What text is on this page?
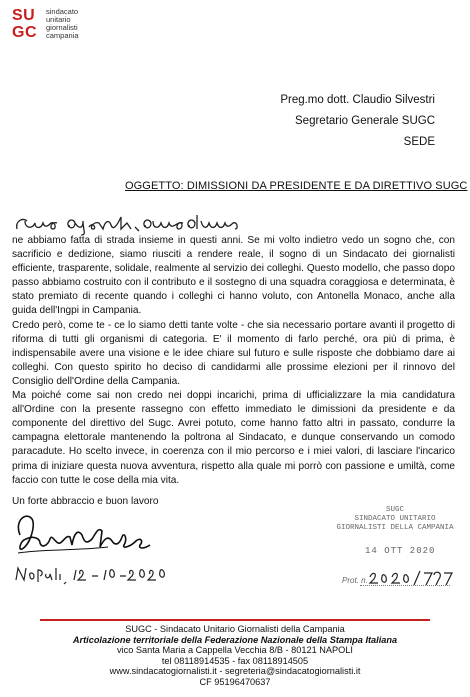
SU
GC
sindacato
unitario
giornalisti
campania
Preg.mo dott. Claudio Silvestri
Segretario Generale SUGC
SEDE
OGGETTO: DIMISSIONI DA PRESIDENTE E DA DIRETTIVO SUGC

ne abbiamo fatta di strada insieme in questi anni. Se mi volto indietro vedo un sogno che, con sacrificio e dedizione, siamo riusciti a rendere reale, il sogno di un Sindacato dei giornalisti efficiente, trasparente, solidale, realmente al servizio dei colleghi. Questo modello, che passo dopo passo abbiamo costruito con il contributo e il sostegno di una squadra coraggiosa e determinata, è stato premiato di recente quando i colleghi ci hanno voluto, con Antonella Monaco, anche alla guida dell'Ingpi in Campania.

Credo però, come te - ce lo siamo detti tante volte - che sia necessario portare avanti il progetto di riforma di tutti gli organismi di categoria. E' il momento di farlo perché, ora più di prima, è indispensabile avere una visione e le idee chiare sul futuro e sulle risposte che dobbiamo dare ai colleghi. Con questo spirito ho deciso di candidarmi alle prossime elezioni per il rinnovo del Consiglio dell'Ordine della Campania.

Ma poiché come sai non credo nei doppi incarichi, prima di ufficializzare la mia candidatura all'Ordine con la presente rassegno con effetto immediato le dimissioni da presidente e da componente del direttivo del Sugc. Avrei potuto, come hanno fatto altri in passato, condurre la campagna elettorale mantenendo la poltrona al Sindacato, e dunque conservando un comodo paracadute. Ho scelto invece, in coerenza con il mio percorso e i miei valori, di lasciare l'incarico prima di iniziare questa nuova avventura, rispetto alla quale mi porrò con passione e umiltà, come faccio con tutte le cose della mia vita.

Un forte abbraccio e buon lavoro
SUGC
SINDACATO UNITARIO
GIORNALISTI DELLA CAMPANIA
14 OTT 2020
Prot. n.
SUGC - Sindacato Unitario Giornalisti della Campania
Articolazione territoriale della Federazione Nazionale della Stampa Italiana
vico Santa Maria a Cappella Vecchia 8/B - 80121 NAPOLI
tel 08118914535 - fax 08118914505
www.sindacatogiornalisti.it - segreteria@sindacatogiornalisti.it
CF 95196470637
